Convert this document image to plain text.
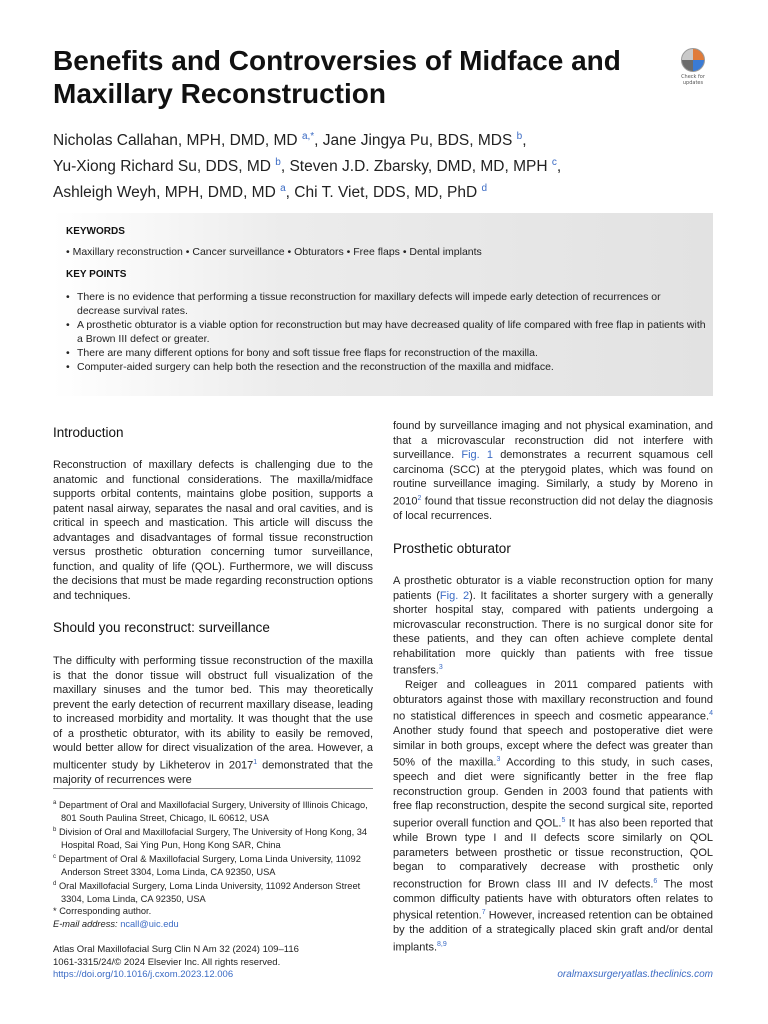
Benefits and Controversies of Midface and Maxillary Reconstruction
Check for updates
Nicholas Callahan, MPH, DMD, MD $^{a,*}$, Jane Jingya Pu, BDS, MDS $^b$,
Yu-Xiong Richard Su, DDS, MD $^b$, Steven J.D. Zbarsky, DMD, MD, MPH $^c$,
Ashleigh Weyh, MPH, DMD, MD $^a$, Chi T. Viet, DDS, MD, PhD $^d$
KEYWORDS
• Maxillary reconstruction • Cancer surveillance • Obturators • Free flaps • Dental implants
KEY POINTS
• There is no evidence that performing a tissue reconstruction for maxillary defects will impede early detection of recurrences or decrease survival rates.
• A prosthetic obturator is a viable option for reconstruction but may have decreased quality of life compared with free flap in patients with a Brown III defect or greater.
• There are many different options for bony and soft tissue free flaps for reconstruction of the maxilla.
• Computer-aided surgery can help both the resection and the reconstruction of the maxilla and midface.
Introduction

Reconstruction of maxillary defects is challenging due to the anatomic and functional considerations. The maxilla/midface supports orbital contents, maintains globe position, supports a patent nasal airway, separates the nasal and oral cavities, and is critical in speech and mastication. This article will discuss the advantages and disadvantages of formal tissue reconstruction versus prosthetic obturation concerning tumor surveillance, function, and quality of life (QOL). Furthermore, we will discuss the decisions that must be made regarding reconstruction options and techniques.

Should you reconstruct: surveillance

The difficulty with performing tissue reconstruction of the maxilla is that the donor tissue will obstruct full visualization of the maxillary sinuses and the tumor bed. This may theoretically prevent the early detection of recurrent maxillary disease, leading to increased morbidity and mortality. It was thought that the use of a prosthetic obturator, with its ability to easily be removed, would better allow for direct visualization of the area. However, a multicenter study by Likheterov in 2017$^1$ demonstrated that the majority of recurrences were

$^a$ Department of Oral and Maxillofacial Surgery, University of Illinois Chicago, 801 South Paulina Street, Chicago, IL 60612, USA
$^b$ Division of Oral and Maxillofacial Surgery, The University of Hong Kong, 34 Hospital Road, Sai Ying Pun, Hong Kong SAR, China
$^c$ Department of Oral & Maxillofacial Surgery, Loma Linda University, 11092 Anderson Street 3304, Loma Linda, CA 92350, USA
$^d$ Oral Maxillofacial Surgery, Loma Linda University, 11092 Anderson Street 3304, Loma Linda, CA 92350, USA
* Corresponding author.
E-mail address: ncall@uic.edu

found by surveillance imaging and not physical examination, and that a microvascular reconstruction did not interfere with surveillance. Fig. 1 demonstrates a recurrent squamous cell carcinoma (SCC) at the pterygoid plates, which was found on routine surveillance imaging. Similarly, a study by Moreno in 2010$^2$ found that tissue reconstruction did not delay the diagnosis of local recurrences.

Prosthetic obturator

A prosthetic obturator is a viable reconstruction option for many patients (Fig. 2). It facilitates a shorter surgery with a generally shorter hospital stay, compared with patients undergoing a microvascular reconstruction. There is no surgical donor site for these patients, and they can often achieve complete dental rehabilitation more quickly than patients with free tissue transfers.$^3$

Reiger and colleagues in 2011 compared patients with obturators against those with maxillary reconstruction and found no statistical differences in speech and cosmetic appearance.$^4$ Another study found that speech and postoperative diet were similar in both groups, except where the defect was greater than 50% of the maxilla.$^3$ According to this study, in such cases, speech and diet were significantly better in the free flap reconstruction group. Genden in 2003 found that patients with free flap reconstruction, despite the second surgical site, reported superior overall function and QOL.$^5$ It has also been reported that while Brown type I and II defects score similarly on QOL parameters between prosthetic or tissue reconstruction, QOL began to comparatively decrease with prosthetic only reconstruction for Brown class III and IV defects.$^6$ The most common difficulty patients have with obturators often relates to physical retention.$^7$ However, increased retention can be obtained by the addition of a strategically placed skin graft and/or dental implants.$^{8,9}$

Atlas Oral Maxillofacial Surg Clin N Am 32 (2024) 109–116
1061-3315/24/© 2024 Elsevier Inc. All rights reserved.
https://doi.org/10.1016/j.cxom.2023.12.006	oralmaxsurgeryatlas.theclinics.com
